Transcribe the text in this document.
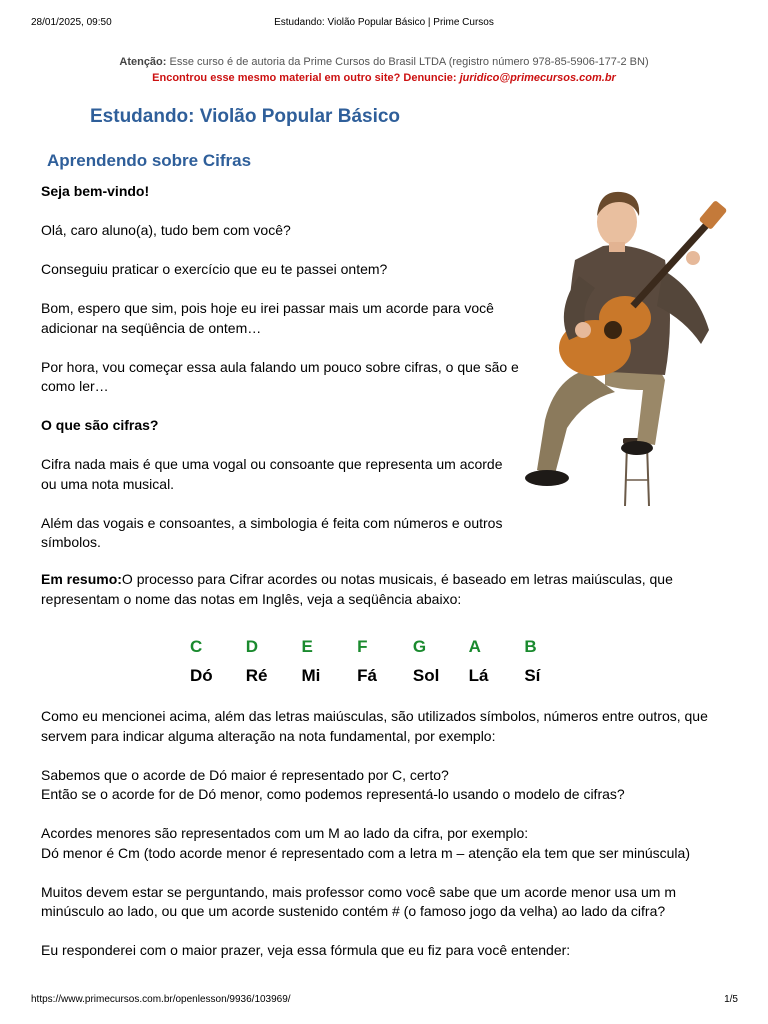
28/01/2025, 09:50	Estudando: Violão Popular Básico | Prime Cursos
Atenção: Esse curso é de autoria da Prime Cursos do Brasil LTDA (registro número 978-85-5906-177-2 BN)
Encontrou esse mesmo material em outro site? Denuncie: juridico@primecursos.com.br
Estudando: Violão Popular Básico
Aprendendo sobre Cifras

Seja bem-vindo!

Olá, caro aluno(a), tudo bem com você?

Conseguiu praticar o exercício que eu te passei ontem?

Bom, espero que sim, pois hoje eu irei passar mais um acorde para você adicionar na seqüência de ontem…

Por hora, vou começar essa aula falando um pouco sobre cifras, o que são e como ler…

O que são cifras?

Cifra nada mais é que uma vogal ou consoante que representa um acorde ou uma nota musical.

Além das vogais e consoantes, a simbologia é feita com números e outros símbolos.

Em resumo:O processo para Cifrar acordes ou notas musicais, é baseado em letras maiúsculas, que representam o nome das notas em Inglês, veja a seqüência abaixo:

C	D	E	F	G	A	B
Dó	Ré	Mi	Fá	Sol	Lá	Sí

Como eu mencionei acima, além das letras maiúsculas, são utilizados símbolos, números entre outros, que servem para indicar alguma alteração na nota fundamental, por exemplo:

Sabemos que o acorde de Dó maior é representado por C, certo?
Então se o acorde for de Dó menor, como podemos representá-lo usando o modelo de cifras?

Acordes menores são representados com um M ao lado da cifra, por exemplo:
Dó menor é Cm (todo acorde menor é representado com a letra m – atenção ela tem que ser minúscula)

Muitos devem estar se perguntando, mais professor como você sabe que um acorde menor usa um m minúsculo ao lado, ou que um acorde sustenido contém # (o famoso jogo da velha) ao lado da cifra?

Eu responderei com o maior prazer, veja essa fórmula que eu fiz para você entender:

https://www.primecursos.com.br/openlesson/9936/103969/	1/5
